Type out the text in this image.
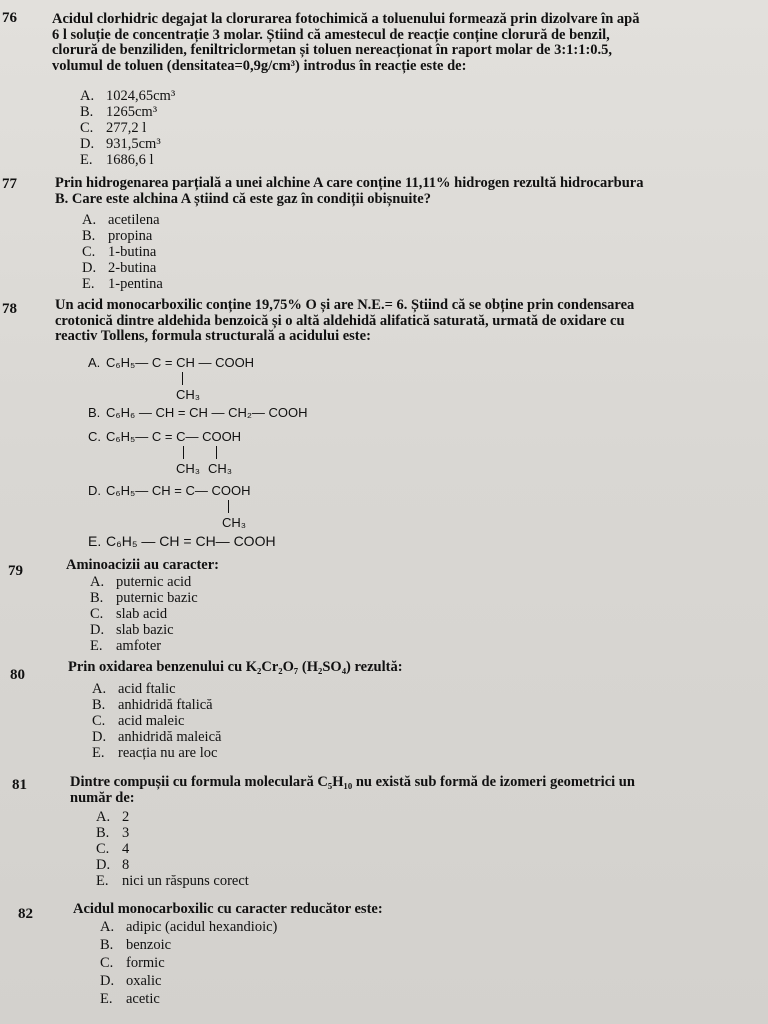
76 Acidul clorhidric degajat la clorurarea fotochimică a toluenului formează prin dizolvare în apă
6 l soluție de concentrație 3 molar. Știind că amestecul de reacție conține clorură de benzil,
clorură de benziliden, feniltriclormetan și toluen nereacționat în raport molar de 3:1:1:0.5,
volumul de toluen (densitatea=0,9g/cm³) introdus în reacție este de:
A. 1024,65cm³
B. 1265cm³
C. 277,2 l
D. 931,5cm³
E. 1686,6 l
77	Prin hidrogenarea parțială a unei alchine A care conține 11,11% hidrogen rezultă hidrocarbura
B. Care este alchina A știind că este gaz în condiții obișnuite?
A. acetilena
B. propina
C. 1-butina
D. 2-butina
E. 1-pentina
78	Un acid monocarboxilic conține 19,75% O și are N.E.= 6. Știind că se obține prin condensarea
crotonică dintre aldehida benzoică și o altă aldehidă alifatică saturată, urmată de oxidare cu
reactiv Tollens, formula structurală a acidului este:
A. C₆H₅— C = CH — COOH
CH₃
B. C₆H₆ — CH = CH — CH₂— COOH
C. C₆H₅— C = C— COOH
CH₃ CH₃
D. C₆H₅— CH = C— COOH
CH₃
E. C₆H₅ — CH = CH— COOH
79	Aminoacizii au caracter:
A. puternic acid
B. puternic bazic
C. slab acid
D. slab bazic
E. amfoter
80	Prin oxidarea benzenului cu K₂Cr₂O₇ (H₂SO₄) rezultă:
A. acid ftalic
B. anhidridă ftalică
C. acid maleic
D. anhidridă maleică
E. reacția nu are loc
81	Dintre compușii cu formula moleculară C₅H₁₀ nu există sub formă de izomeri geometrici un
număr de:
A. 2
B. 3
C. 4
D. 8
E. nici un răspuns corect
82	Acidul monocarboxilic cu caracter reducător este:
A. adipic (acidul hexandioic)
B. benzoic
C. formic
D. oxalic
E. acetic
